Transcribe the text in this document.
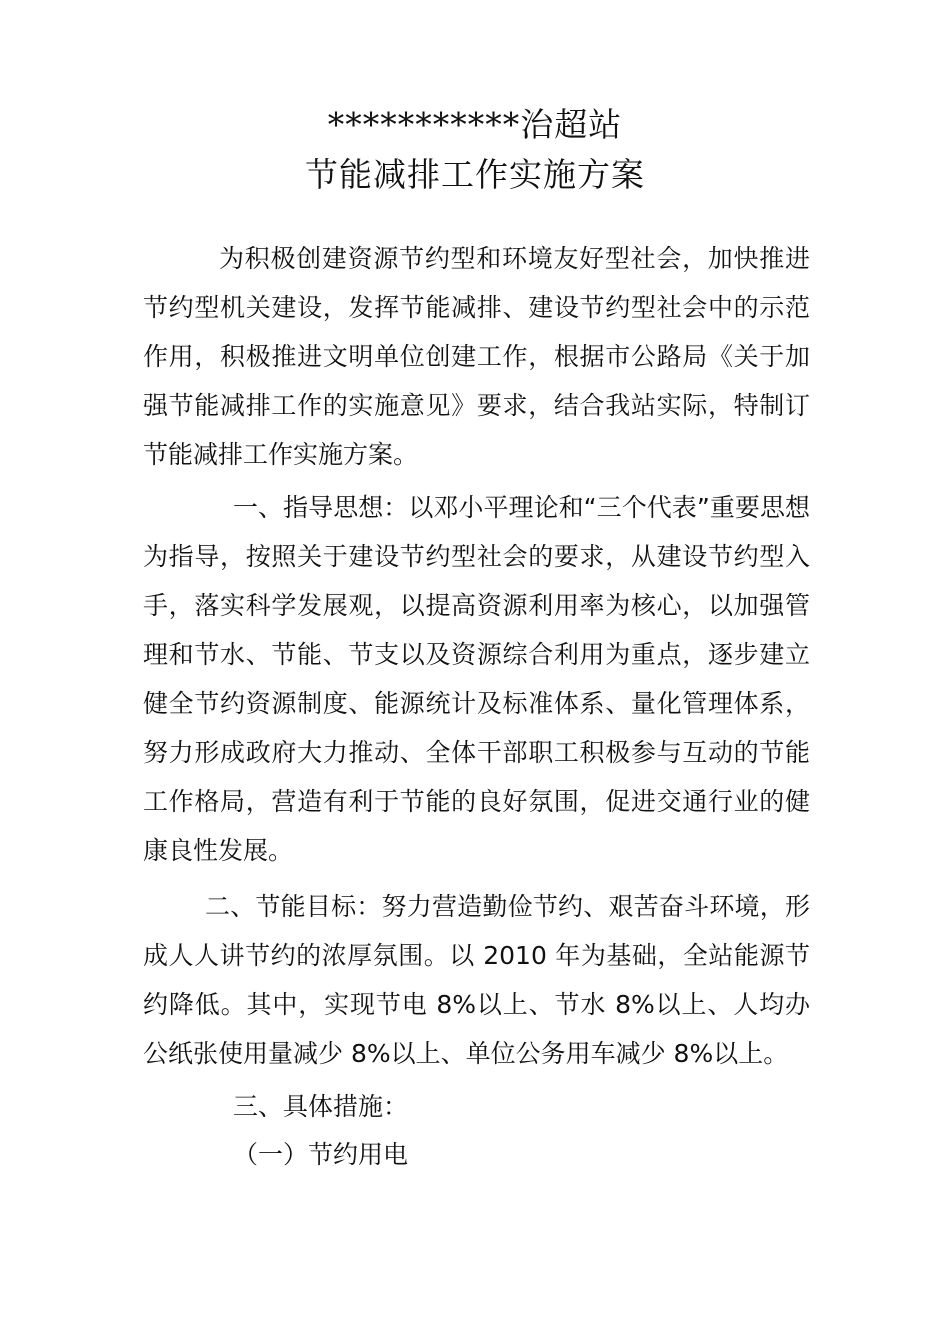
***********治超站
节能减排工作实施方案

为积极创建资源节约型和环境友好型社会，加快推进节约型机关建设，发挥节能减排、建设节约型社会中的示范作用，积极推进文明单位创建工作，根据市公路局《关于加强节能减排工作的实施意见》要求，结合我站实际，特制订节能减排工作实施方案。

一、指导思想：以邓小平理论和“三个代表”重要思想为指导，按照关于建设节约型社会的要求，从建设节约型入手，落实科学发展观，以提高资源利用率为核心，以加强管理和节水、节能、节支以及资源综合利用为重点，逐步建立健全节约资源制度、能源统计及标准体系、量化管理体系，努力形成政府大力推动、全体干部职工积极参与互动的节能工作格局，营造有利于节能的良好氛围，促进交通行业的健康良性发展。

二、节能目标：努力营造勤俭节约、艰苦奋斗环境，形成人人讲节约的浓厚氛围。以 2010 年为基础，全站能源节约降低。其中，实现节电 8%以上、节水 8%以上、人均办公纸张使用量减少 8%以上、单位公务用车减少 8%以上。

三、具体措施：

（一）节约用电
